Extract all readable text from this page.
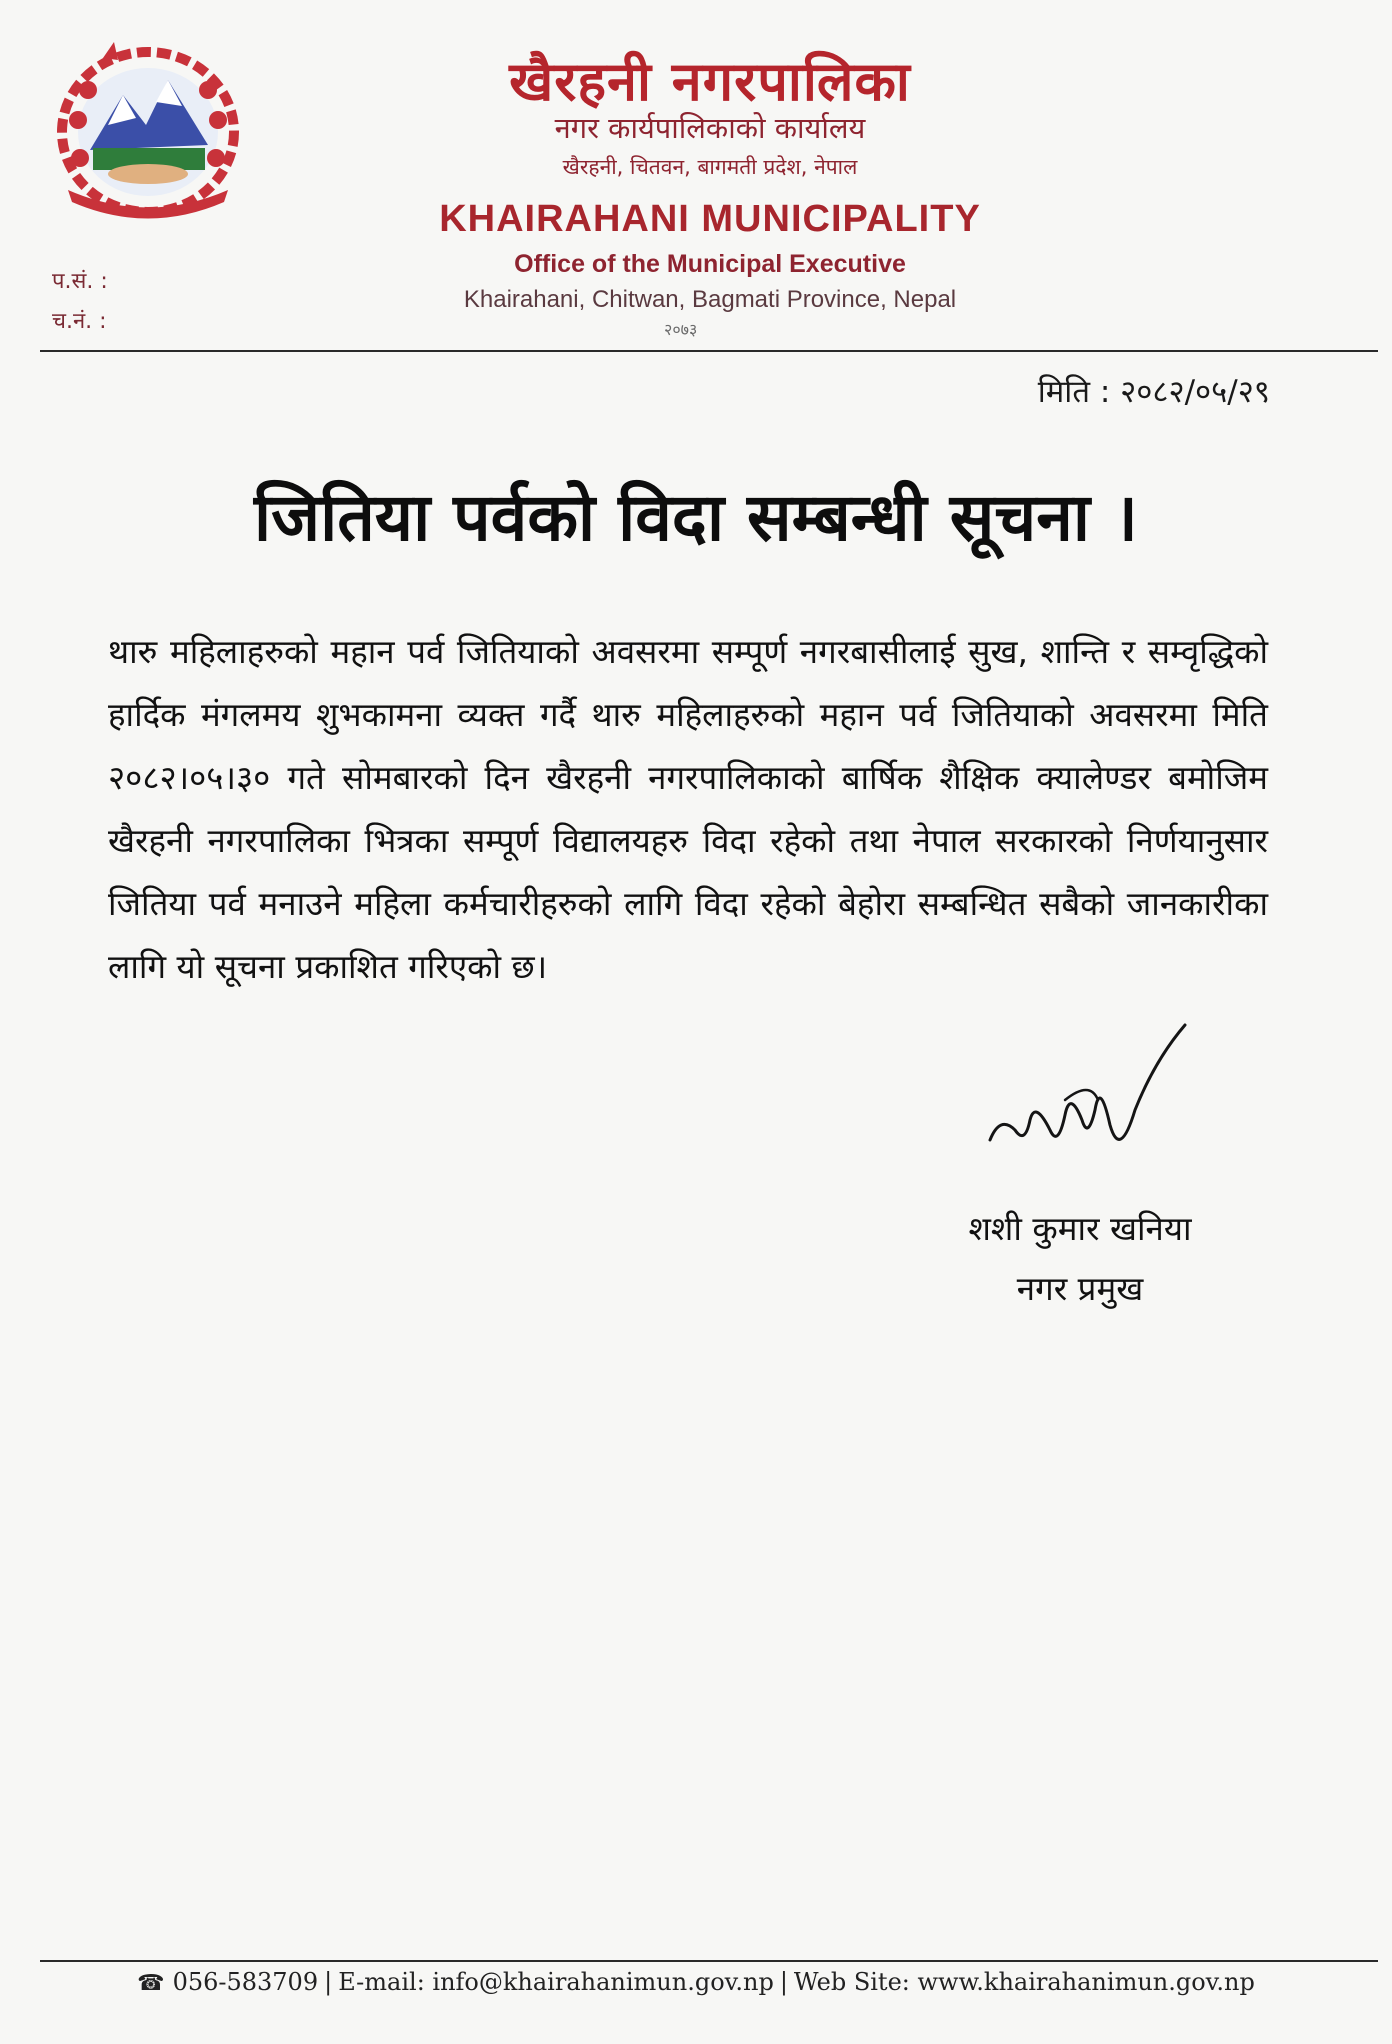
खैरहनी नगरपालिका
नगर कार्यपालिकाको कार्यालय
खैरहनी, चितवन, बागमती प्रदेश, नेपाल
KHAIRAHANI MUNICIPALITY
Office of the Municipal Executive
Khairahani, Chitwan, Bagmati Province, Nepal
२०७३
प.सं. :
च.नं. :
मिति : २०८२/०५/२९
जितिया पर्वको विदा सम्बन्धी सूचना ।
थारु महिलाहरुको महान पर्व जितियाको अवसरमा सम्पूर्ण नगरबासीलाई सुख, शान्ति र सम्वृद्धिको हार्दिक मंगलमय शुभकामना व्यक्त गर्दै थारु महिलाहरुको महान पर्व जितियाको अवसरमा मिति २०८२।०५।३० गते सोमबारको दिन खैरहनी नगरपालिकाको बार्षिक शैक्षिक क्यालेण्डर बमोजिम खैरहनी नगरपालिका भित्रका सम्पूर्ण विद्यालयहरु विदा रहेको तथा नेपाल सरकारको निर्णयानुसार जितिया पर्व मनाउने महिला कर्मचारीहरुको लागि विदा रहेको बेहोरा सम्बन्धित सबैको जानकारीका लागि यो सूचना प्रकाशित गरिएको छ।
शशी कुमार खनिया
नगर प्रमुख
☎ 056-583709 | E-mail: info@khairahanimun.gov.np | Web Site: www.khairahanimun.gov.np
